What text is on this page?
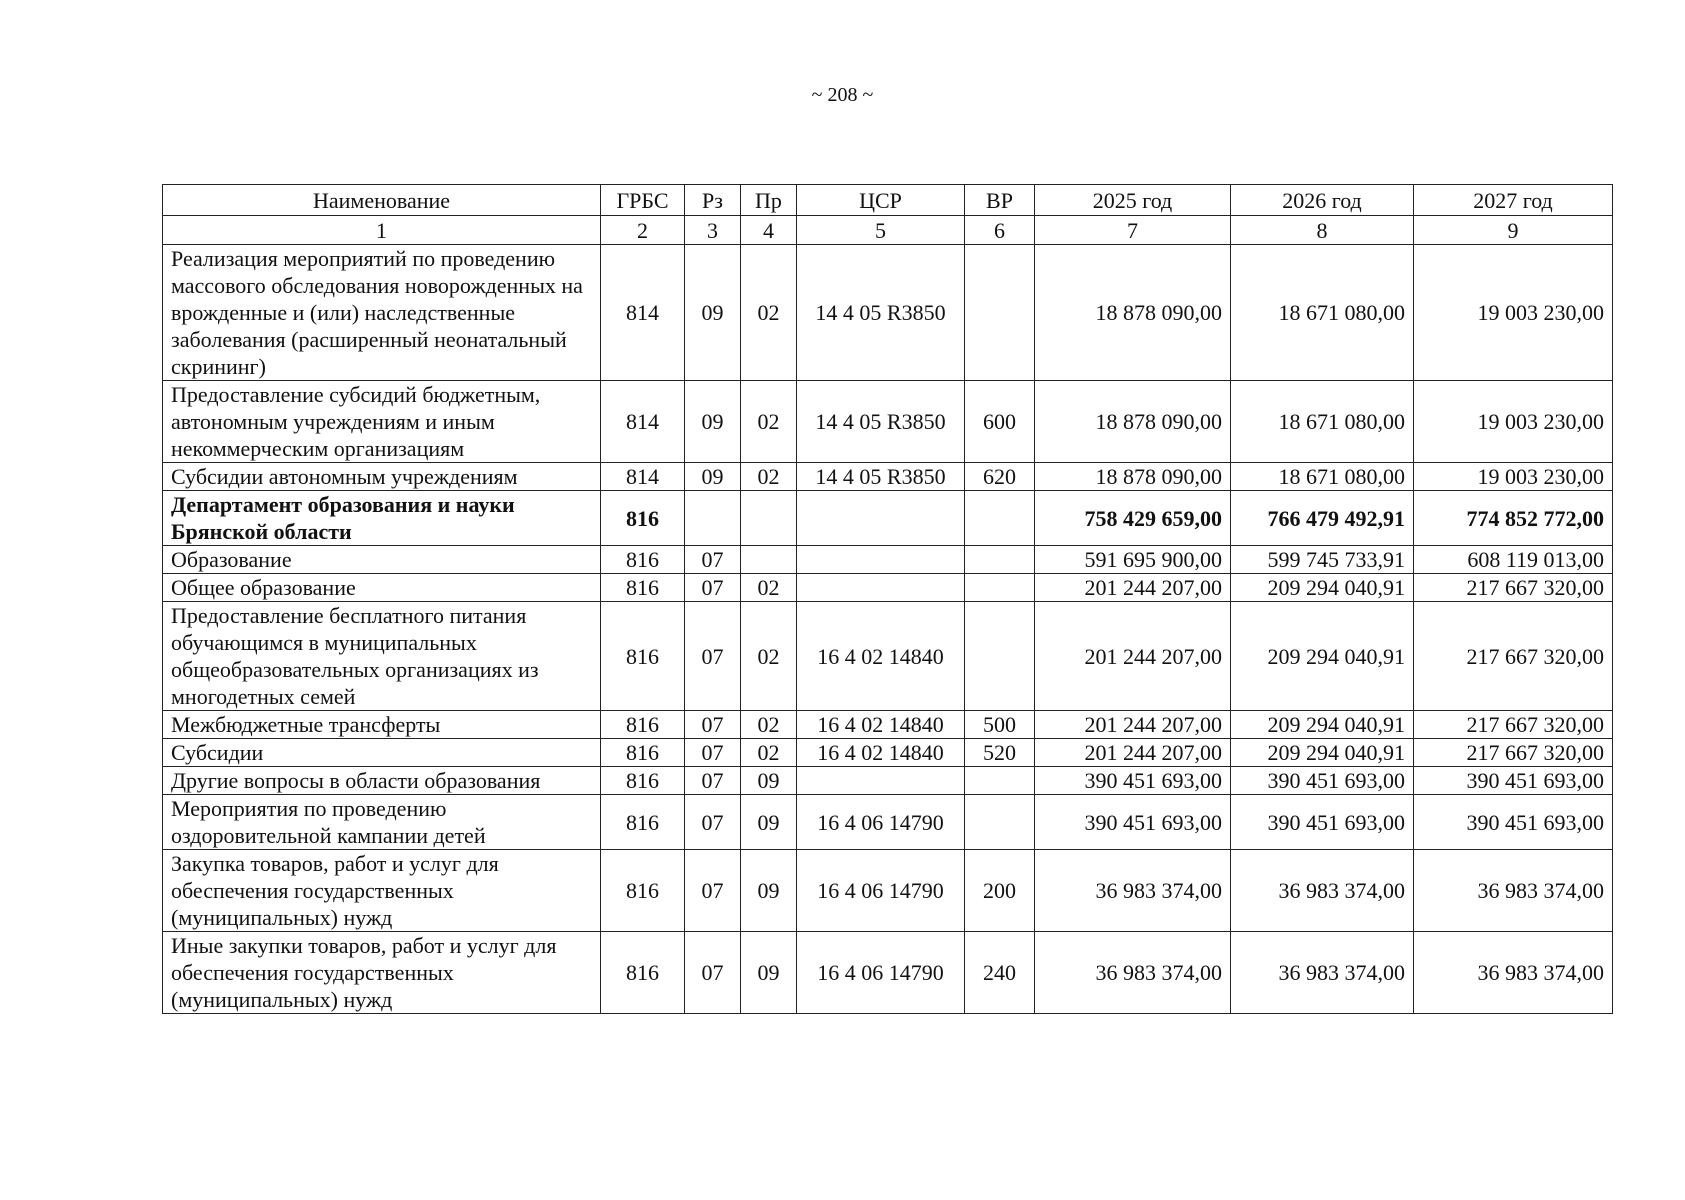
~ 208 ~
Наименование	ГРБС	Рз	Пр	ЦСР	ВР	2025 год	2026 год	2027 год
1	2	3	4	5	6	7	8	9
Реализация мероприятий по проведению массового обследования новорожденных на врожденные и (или) наследственные заболевания (расширенный неонатальный скрининг)	814	09	02	14 4 05 R3850		18 878 090,00	18 671 080,00	19 003 230,00
Предоставление субсидий бюджетным, автономным учреждениям и иным некоммерческим организациям	814	09	02	14 4 05 R3850	600	18 878 090,00	18 671 080,00	19 003 230,00
Субсидии автономным учреждениям	814	09	02	14 4 05 R3850	620	18 878 090,00	18 671 080,00	19 003 230,00
Департамент образования и науки Брянской области	816					758 429 659,00	766 479 492,91	774 852 772,00
Образование	816	07				591 695 900,00	599 745 733,91	608 119 013,00
Общее образование	816	07	02			201 244 207,00	209 294 040,91	217 667 320,00
Предоставление бесплатного питания обучающимся в муниципальных общеобразовательных организациях из многодетных семей	816	07	02	16 4 02 14840		201 244 207,00	209 294 040,91	217 667 320,00
Межбюджетные трансферты	816	07	02	16 4 02 14840	500	201 244 207,00	209 294 040,91	217 667 320,00
Субсидии	816	07	02	16 4 02 14840	520	201 244 207,00	209 294 040,91	217 667 320,00
Другие вопросы в области образования	816	07	09			390 451 693,00	390 451 693,00	390 451 693,00
Мероприятия по проведению оздоровительной кампании детей	816	07	09	16 4 06 14790		390 451 693,00	390 451 693,00	390 451 693,00
Закупка товаров, работ и услуг для обеспечения государственных (муниципальных) нужд	816	07	09	16 4 06 14790	200	36 983 374,00	36 983 374,00	36 983 374,00
Иные закупки товаров, работ и услуг для обеспечения государственных (муниципальных) нужд	816	07	09	16 4 06 14790	240	36 983 374,00	36 983 374,00	36 983 374,00
